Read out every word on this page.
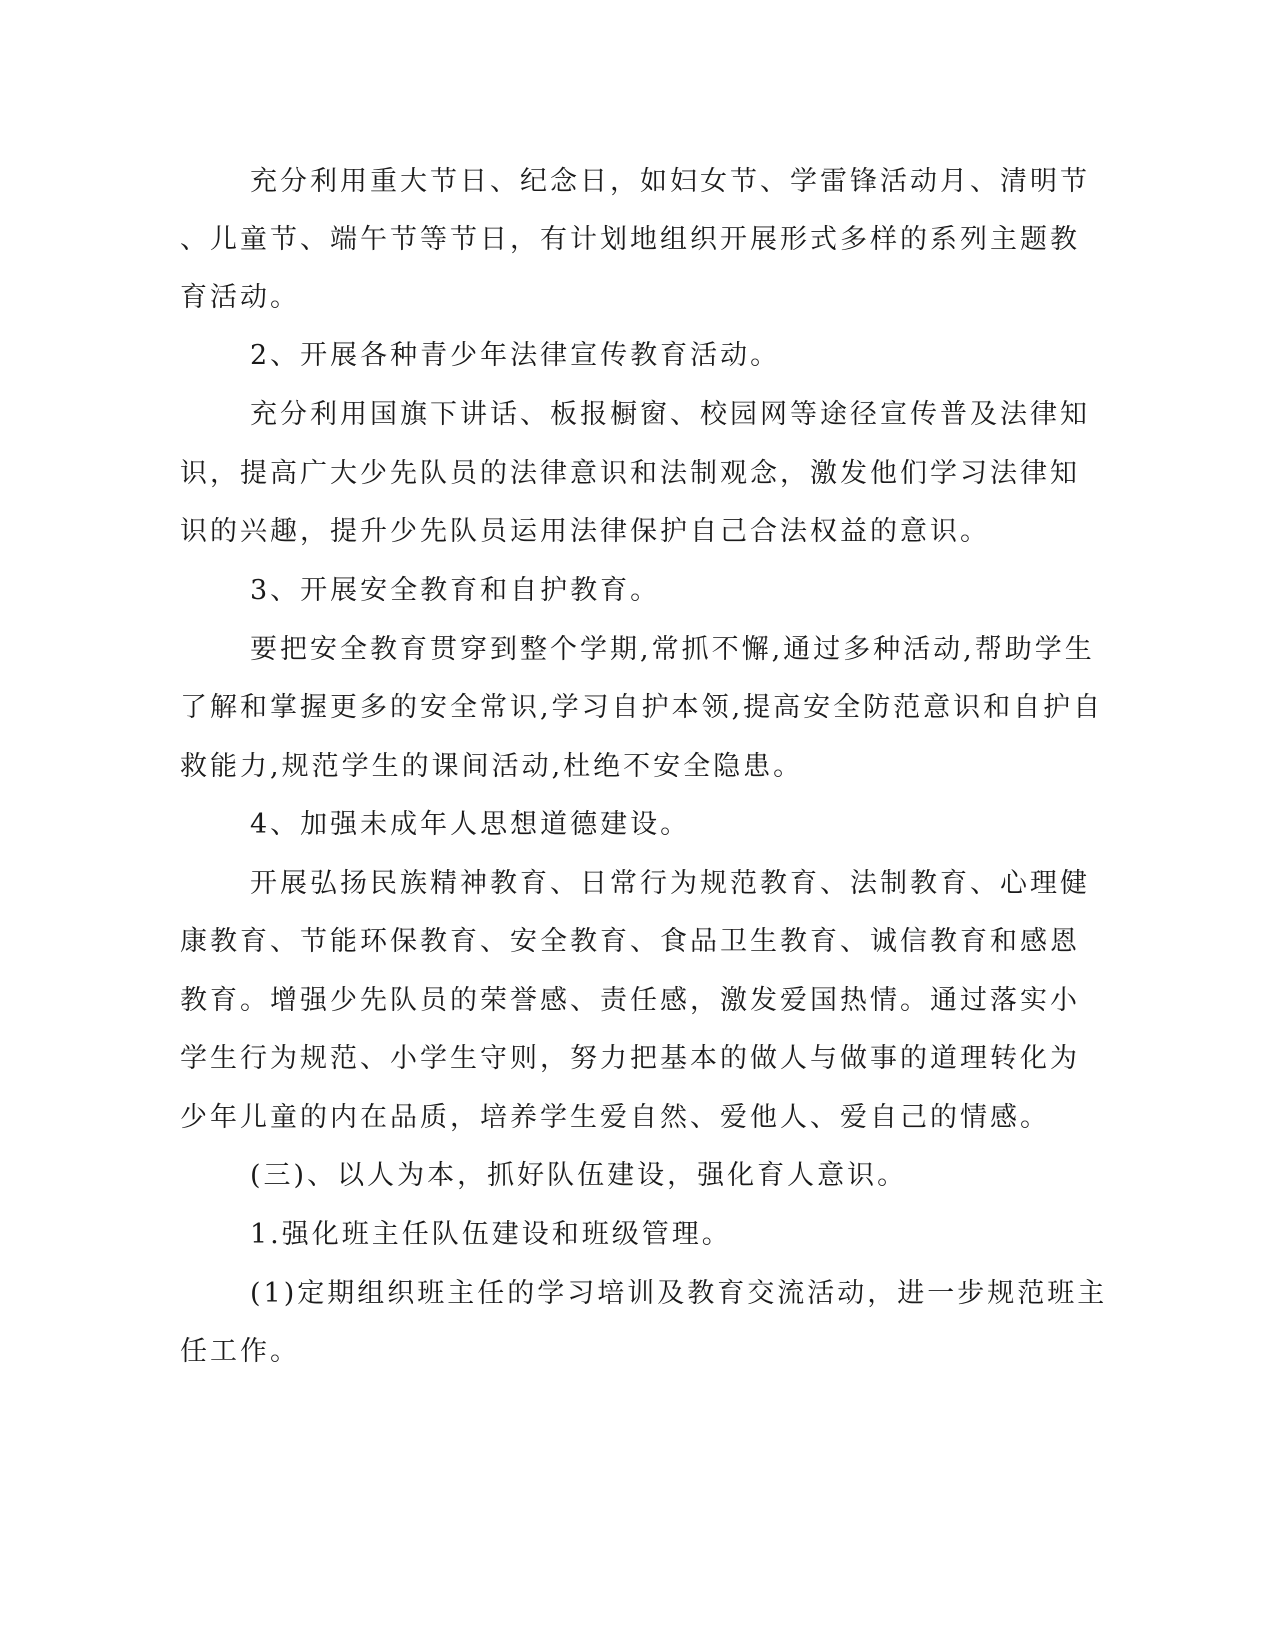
充分利用重大节日、纪念日，如妇女节、学雷锋活动月、清明节
、儿童节、端午节等节日，有计划地组织开展形式多样的系列主题教
育活动。
2、开展各种青少年法律宣传教育活动。
充分利用国旗下讲话、板报橱窗、校园网等途径宣传普及法律知
识，提高广大少先队员的法律意识和法制观念，激发他们学习法律知
识的兴趣，提升少先队员运用法律保护自己合法权益的意识。
3、开展安全教育和自护教育。
要把安全教育贯穿到整个学期,常抓不懈,通过多种活动,帮助学生
了解和掌握更多的安全常识,学习自护本领,提高安全防范意识和自护自
救能力,规范学生的课间活动,杜绝不安全隐患。
4、加强未成年人思想道德建设。
开展弘扬民族精神教育、日常行为规范教育、法制教育、心理健
康教育、节能环保教育、安全教育、食品卫生教育、诚信教育和感恩
教育。增强少先队员的荣誉感、责任感，激发爱国热情。通过落实小
学生行为规范、小学生守则，努力把基本的做人与做事的道理转化为
少年儿童的内在品质，培养学生爱自然、爱他人、爱自己的情感。
(三)、以人为本，抓好队伍建设，强化育人意识。
1.强化班主任队伍建设和班级管理。
(1)定期组织班主任的学习培训及教育交流活动，进一步规范班主
任工作。
